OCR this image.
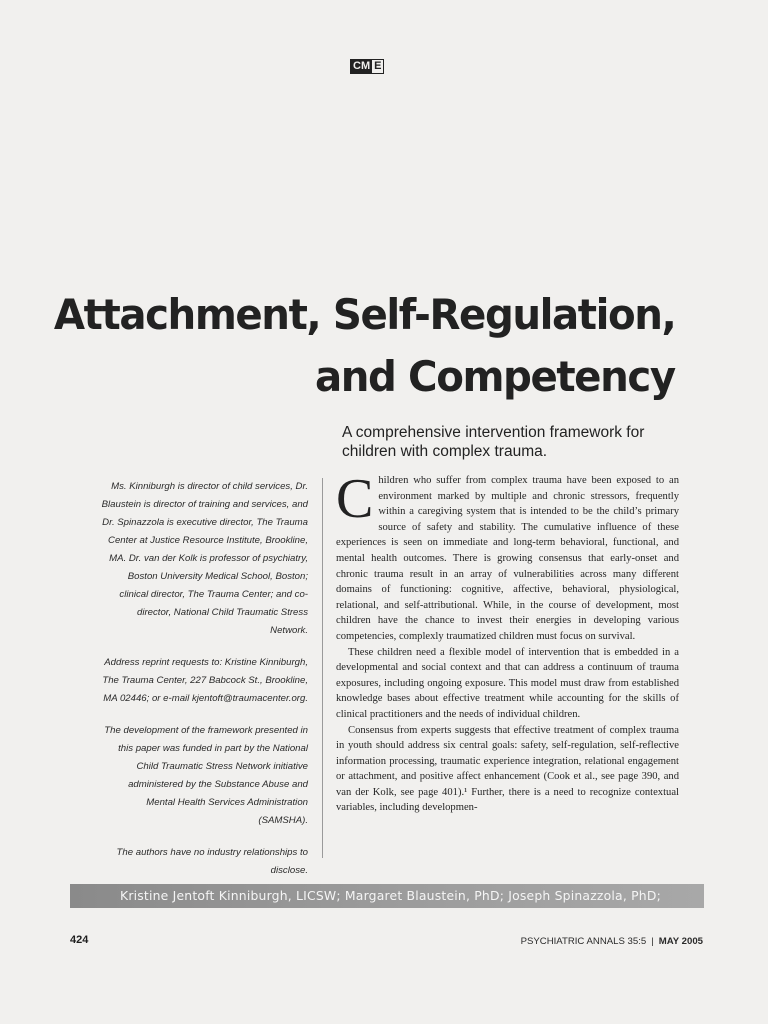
CM E
Attachment, Self-Regulation,
and Competency
A comprehensive intervention framework for children with complex trauma.

Ms. Kinniburgh is director of child services, Dr. Blaustein is director of training and services, and Dr. Spinazzola is executive director, The Trauma Center at Justice Resource Institute, Brookline, MA. Dr. van der Kolk is professor of psychiatry, Boston University Medical School, Boston; clinical director, The Trauma Center; and co-director, National Child Traumatic Stress Network.

Address reprint requests to: Kristine Kinniburgh, The Trauma Center, 227 Babcock St., Brookline, MA 02446; or e-mail kjentoft@traumacenter.org.

The development of the framework presented in this paper was funded in part by the National Child Traumatic Stress Network initiative administered by the Substance Abuse and Mental Health Services Administration (SAMSHA).

The authors have no industry relationships to disclose.

Children who suffer from complex trauma have been exposed to an environment marked by multiple and chronic stressors, frequently within a caregiving system that is intended to be the child’s primary source of safety and stability. The cumulative influence of these experiences is seen on immediate and long-term behavioral, functional, and mental health outcomes. There is growing consensus that early-onset and chronic trauma result in an array of vulnerabilities across many different domains of functioning: cognitive, affective, behavioral, physiological, relational, and self-attributional. While, in the course of development, most children have the chance to invest their energies in developing various competencies, complexly traumatized children must focus on survival.

These children need a flexible model of intervention that is embedded in a developmental and social context and that can address a continuum of trauma exposures, including ongoing exposure. This model must draw from established knowledge bases about effective treatment while accounting for the skills of clinical practitioners and the needs of individual children.

Consensus from experts suggests that effective treatment of complex trauma in youth should address six central goals: safety, self-regulation, self-reflective information processing, traumatic experience integration, relational engagement or attachment, and positive affect enhancement (Cook et al., see page 390, and van der Kolk, see page 401).¹ Further, there is a need to recognize contextual variables, including developmen-

Kristine Jentoft Kinniburgh, LICSW; Margaret Blaustein, PhD; Joseph Spinazzola, PhD;
424	PSYCHIATRIC ANNALS 35:5 | MAY 2005
